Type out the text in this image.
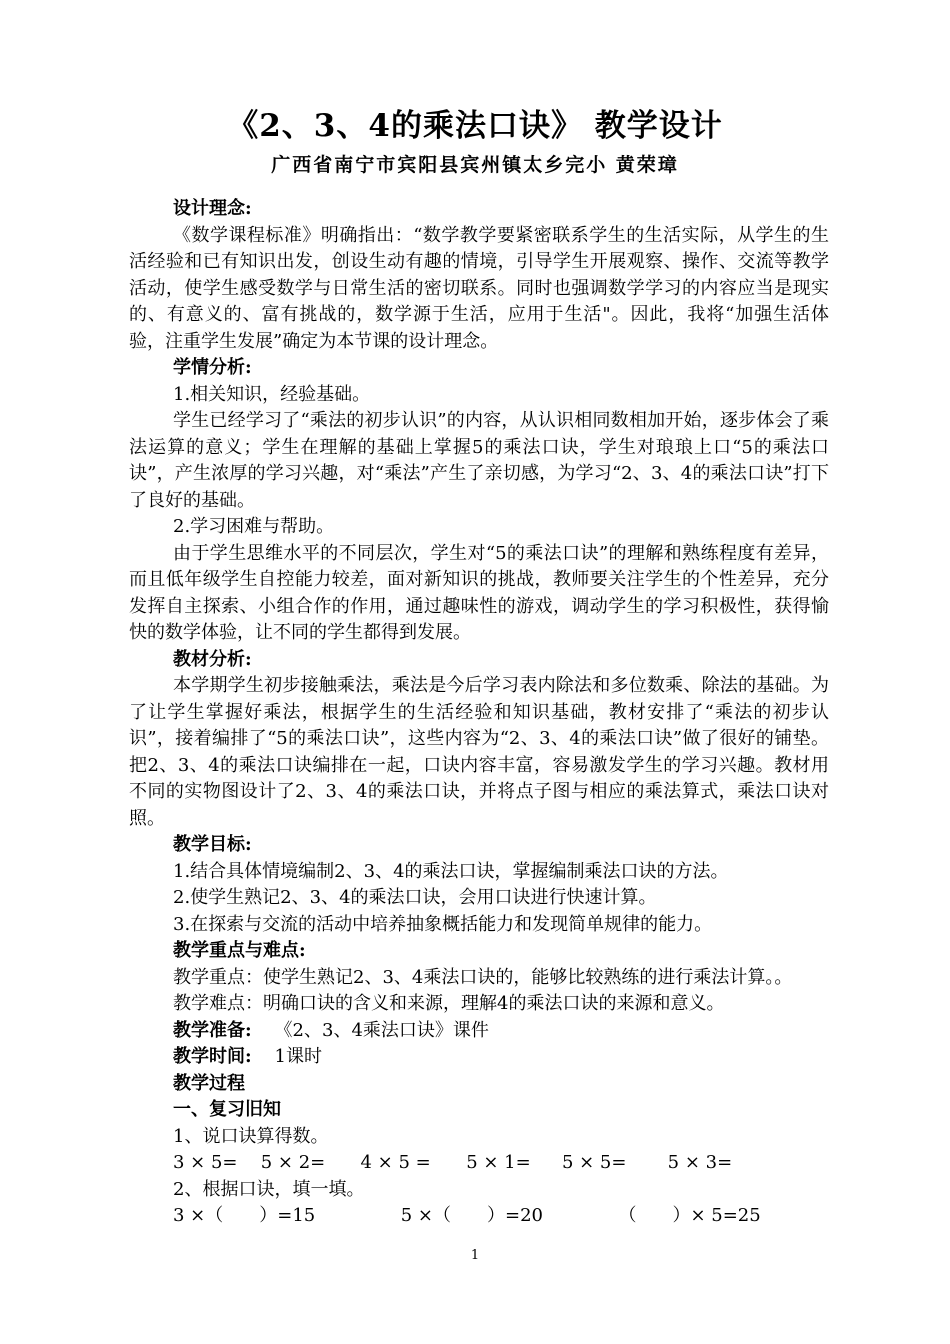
《2、3、4的乘法口诀》 教学设计
广西省南宁市宾阳县宾州镇太乡完小 黄荣璋

设计理念:

《数学课程标准》明确指出：“数学教学要紧密联系学生的生活实际，从学生的生活经验和已有知识出发，创设生动有趣的情境，引导学生开展观察、操作、交流等教学活动，使学生感受数学与日常生活的密切联系。同时也强调数学学习的内容应当是现实的、有意义的、富有挑战的，数学源于生活，应用于生活"。因此，我将“加强生活体验，注重学生发展”确定为本节课的设计理念。

学情分析:

1.相关知识，经验基础。

学生已经学习了“乘法的初步认识”的内容，从认识相同数相加开始，逐步体会了乘法运算的意义；学生在理解的基础上掌握5的乘法口诀，学生对琅琅上口“5的乘法口诀”，产生浓厚的学习兴趣，对“乘法”产生了亲切感，为学习“2、3、4的乘法口诀”打下了良好的基础。

2.学习困难与帮助。

由于学生思维水平的不同层次，学生对“5的乘法口诀”的理解和熟练程度有差异，而且低年级学生自控能力较差，面对新知识的挑战，教师要关注学生的个性差异，充分发挥自主探索、小组合作的作用，通过趣味性的游戏，调动学生的学习积极性，获得愉快的数学体验，让不同的学生都得到发展。

教材分析:

本学期学生初步接触乘法，乘法是今后学习表内除法和多位数乘、除法的基础。为了让学生掌握好乘法，根据学生的生活经验和知识基础，教材安排了“乘法的初步认识”，接着编排了“5的乘法口诀”，这些内容为“2、3、4的乘法口诀”做了很好的铺垫。把2、3、4的乘法口诀编排在一起，口诀内容丰富，容易激发学生的学习兴趣。教材用不同的实物图设计了2、3、4的乘法口诀，并将点子图与相应的乘法算式，乘法口诀对照。

教学目标:

1.结合具体情境编制2、3、4的乘法口诀，掌握编制乘法口诀的方法。

2.使学生熟记2、3、4的乘法口诀，会用口诀进行快速计算。

3.在探索与交流的活动中培养抽象概括能力和发现简单规律的能力。

教学重点与难点:

教学重点：使学生熟记2、3、4乘法口诀的，能够比较熟练的进行乘法计算。。

教学难点：明确口诀的含义和来源，理解4的乘法口诀的来源和意义。

教学准备: 《2、3、4乘法口诀》课件

教学时间: 1课时

教学过程

一、复习旧知

1、说口诀算得数。

3 × 5= 5 × 2= 4 × 5 = 5 × 1= 5 × 5= 5 × 3=

2、根据口诀，填一填。

3 ×（　　）=15	5 ×（　　）=20	（　　）× 5=25

1
